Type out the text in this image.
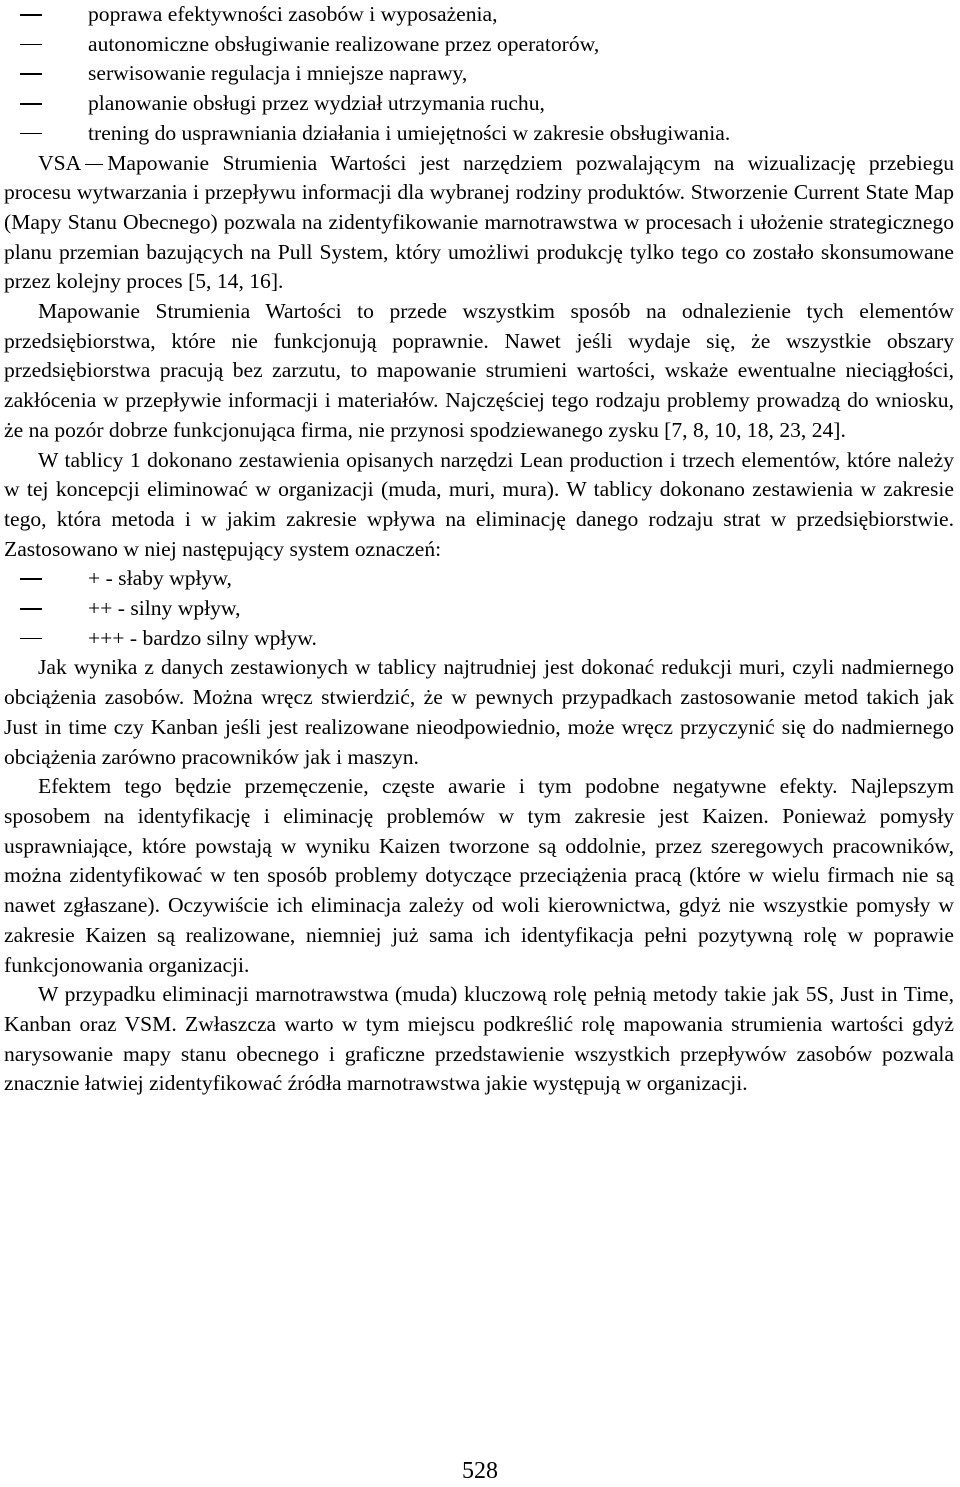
poprawa efektywności zasobów i wyposażenia,
autonomiczne obsługiwanie realizowane przez operatorów,
serwisowanie regulacja i mniejsze naprawy,
planowanie obsługi przez wydział utrzymania ruchu,
trening do usprawniania działania i umiejętności w zakresie obsługiwania.

VSA Mapowanie Strumienia Wartości jest narzędziem pozwalającym na wizualizację przebiegu procesu wytwarzania i przepływu informacji dla wybranej rodziny produktów. Stworzenie Current State Map (Mapy Stanu Obecnego) pozwala na zidentyfikowanie marnotrawstwa w procesach i ułożenie strategicznego planu przemian bazujących na Pull System, który umożliwi produkcję tylko tego co zostało skonsumowane przez kolejny proces [5, 14, 16].

Mapowanie Strumienia Wartości to przede wszystkim sposób na odnalezienie tych elementów przedsiębiorstwa, które nie funkcjonują poprawnie. Nawet jeśli wydaje się, że wszystkie obszary przedsiębiorstwa pracują bez zarzutu, to mapowanie strumieni wartości, wskaże ewentualne nieciągłości, zakłócenia w przepływie informacji i materiałów. Najczęściej tego rodzaju problemy prowadzą do wniosku, że na pozór dobrze funkcjonująca firma, nie przynosi spodziewanego zysku [7, 8, 10, 18, 23, 24].

W tablicy 1 dokonano zestawienia opisanych narzędzi Lean production i trzech elementów, które należy w tej koncepcji eliminować w organizacji (muda, muri, mura). W tablicy dokonano zestawienia w zakresie tego, która metoda i w jakim zakresie wpływa na eliminację danego rodzaju strat w przedsiębiorstwie. Zastosowano w niej następujący system oznaczeń:

+ - słaby wpływ,
++ - silny wpływ,
+++ - bardzo silny wpływ.

Jak wynika z danych zestawionych w tablicy najtrudniej jest dokonać redukcji muri, czyli nadmiernego obciążenia zasobów. Można wręcz stwierdzić, że w pewnych przypadkach zastosowanie metod takich jak Just in time czy Kanban jeśli jest realizowane nieodpowiednio, może wręcz przyczynić się do nadmiernego obciążenia zarówno pracowników jak i maszyn.

Efektem tego będzie przemęczenie, częste awarie i tym podobne negatywne efekty. Najlepszym sposobem na identyfikację i eliminację problemów w tym zakresie jest Kaizen. Ponieważ pomysły usprawniające, które powstają w wyniku Kaizen tworzone są oddolnie, przez szeregowych pracowników, można zidentyfikować w ten sposób problemy dotyczące przeciążenia pracą (które w wielu firmach nie są nawet zgłaszane). Oczywiście ich eliminacja zależy od woli kierownictwa, gdyż nie wszystkie pomysły w zakresie Kaizen są realizowane, niemniej już sama ich identyfikacja pełni pozytywną rolę w poprawie funkcjonowania organizacji.

W przypadku eliminacji marnotrawstwa (muda) kluczową rolę pełnią metody takie jak 5S, Just in Time, Kanban oraz VSM. Zwłaszcza warto w tym miejscu podkreślić rolę mapowania strumienia wartości gdyż narysowanie mapy stanu obecnego i graficzne przedstawienie wszystkich przepływów zasobów pozwala znacznie łatwiej zidentyfikować źródła marnotrawstwa jakie występują w organizacji.

528
